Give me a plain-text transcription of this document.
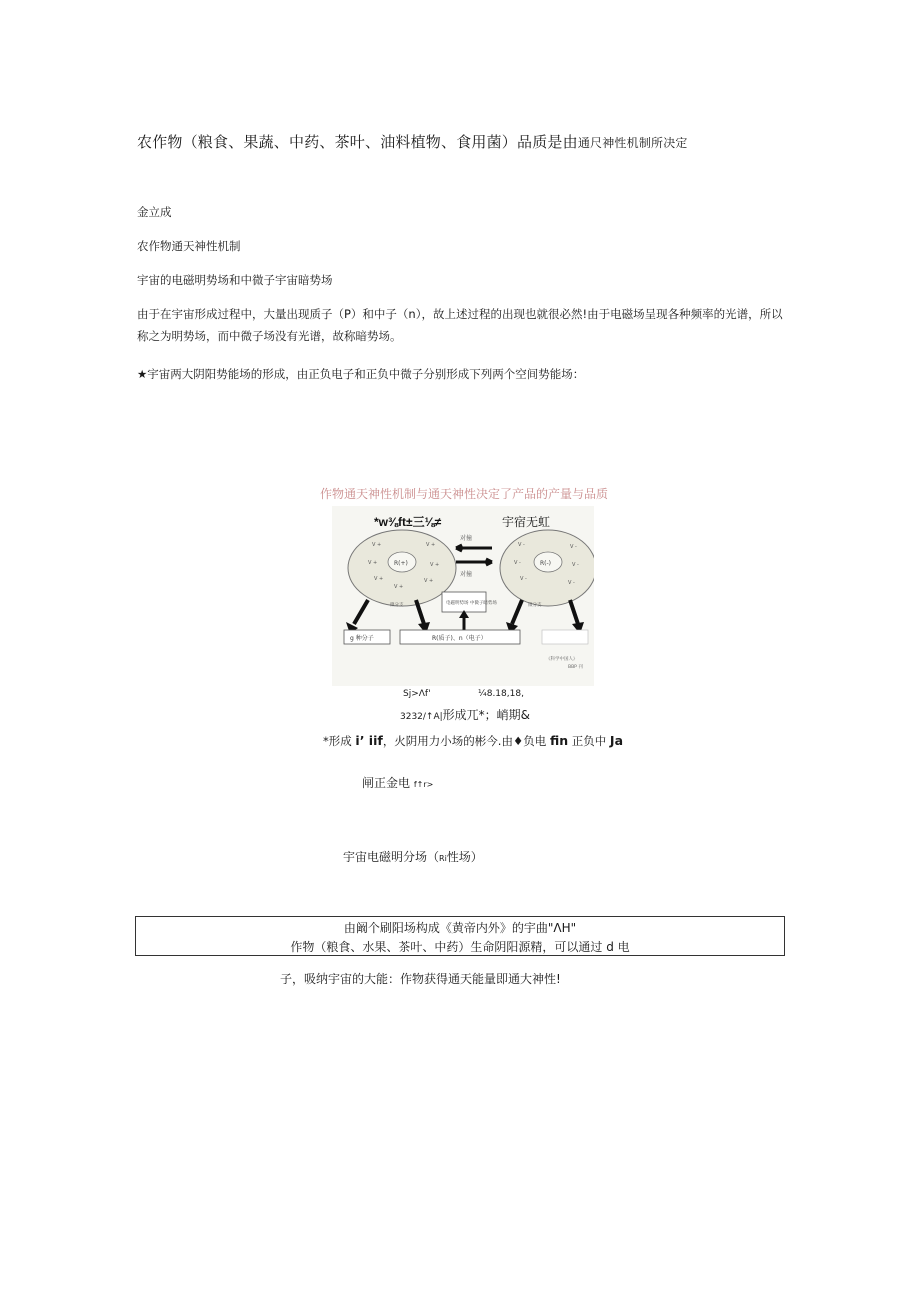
农作物（粮食、果蔬、中药、茶叶、油料植物、食用菌）品质是由通尺神性机制所决定
金立成
农作物通天神性机制
宇宙的电磁明势场和中微子宇宙暗势场
由于在宇宙形成过程中，大量出现质子（P）和中子（n），故上述过程的出现也就很必然!由于电磁场呈现各种频率的光谱，所以称之为明势场，而中微子场没有光谱，故称暗势场。
★宇宙两大阴阳势能场的形成，由正负电子和正负中微子分别形成下列两个空间势能场：
作物通天神性机制与通天神性决定了产品的产量与品质
*w⅜ft±三⅛≠	宇宿无虹
R(+)	R(-)
V +	V +
V +	V +
V +	V +
V +
V -	V -
V -	V -
V -
V -
对撞
对撞
电磁明势场 中微子暗势场
微分支	微分支
g 种分子	R(质子)、n（电子）
《科学中国人》
BBP 刊
Sj>Λf'	¼8.18,18,
3232/↑A|形成兀*；峭期&
*形成 i’ iif，火阴用力小场的彬今.由♦负电 fin 正负中 Ja
闸正金电 f↑r>
宇宙电磁明分场（Ri性场）
由阚个刷阳场构成《黄帝内外》的宇曲"ΛH"
作物（粮食、水果、茶叶、中药）生命阴阳源精，可以通过 d 电
子，吸纳宇宙的大能：作物获得通天能量即通大神性!
